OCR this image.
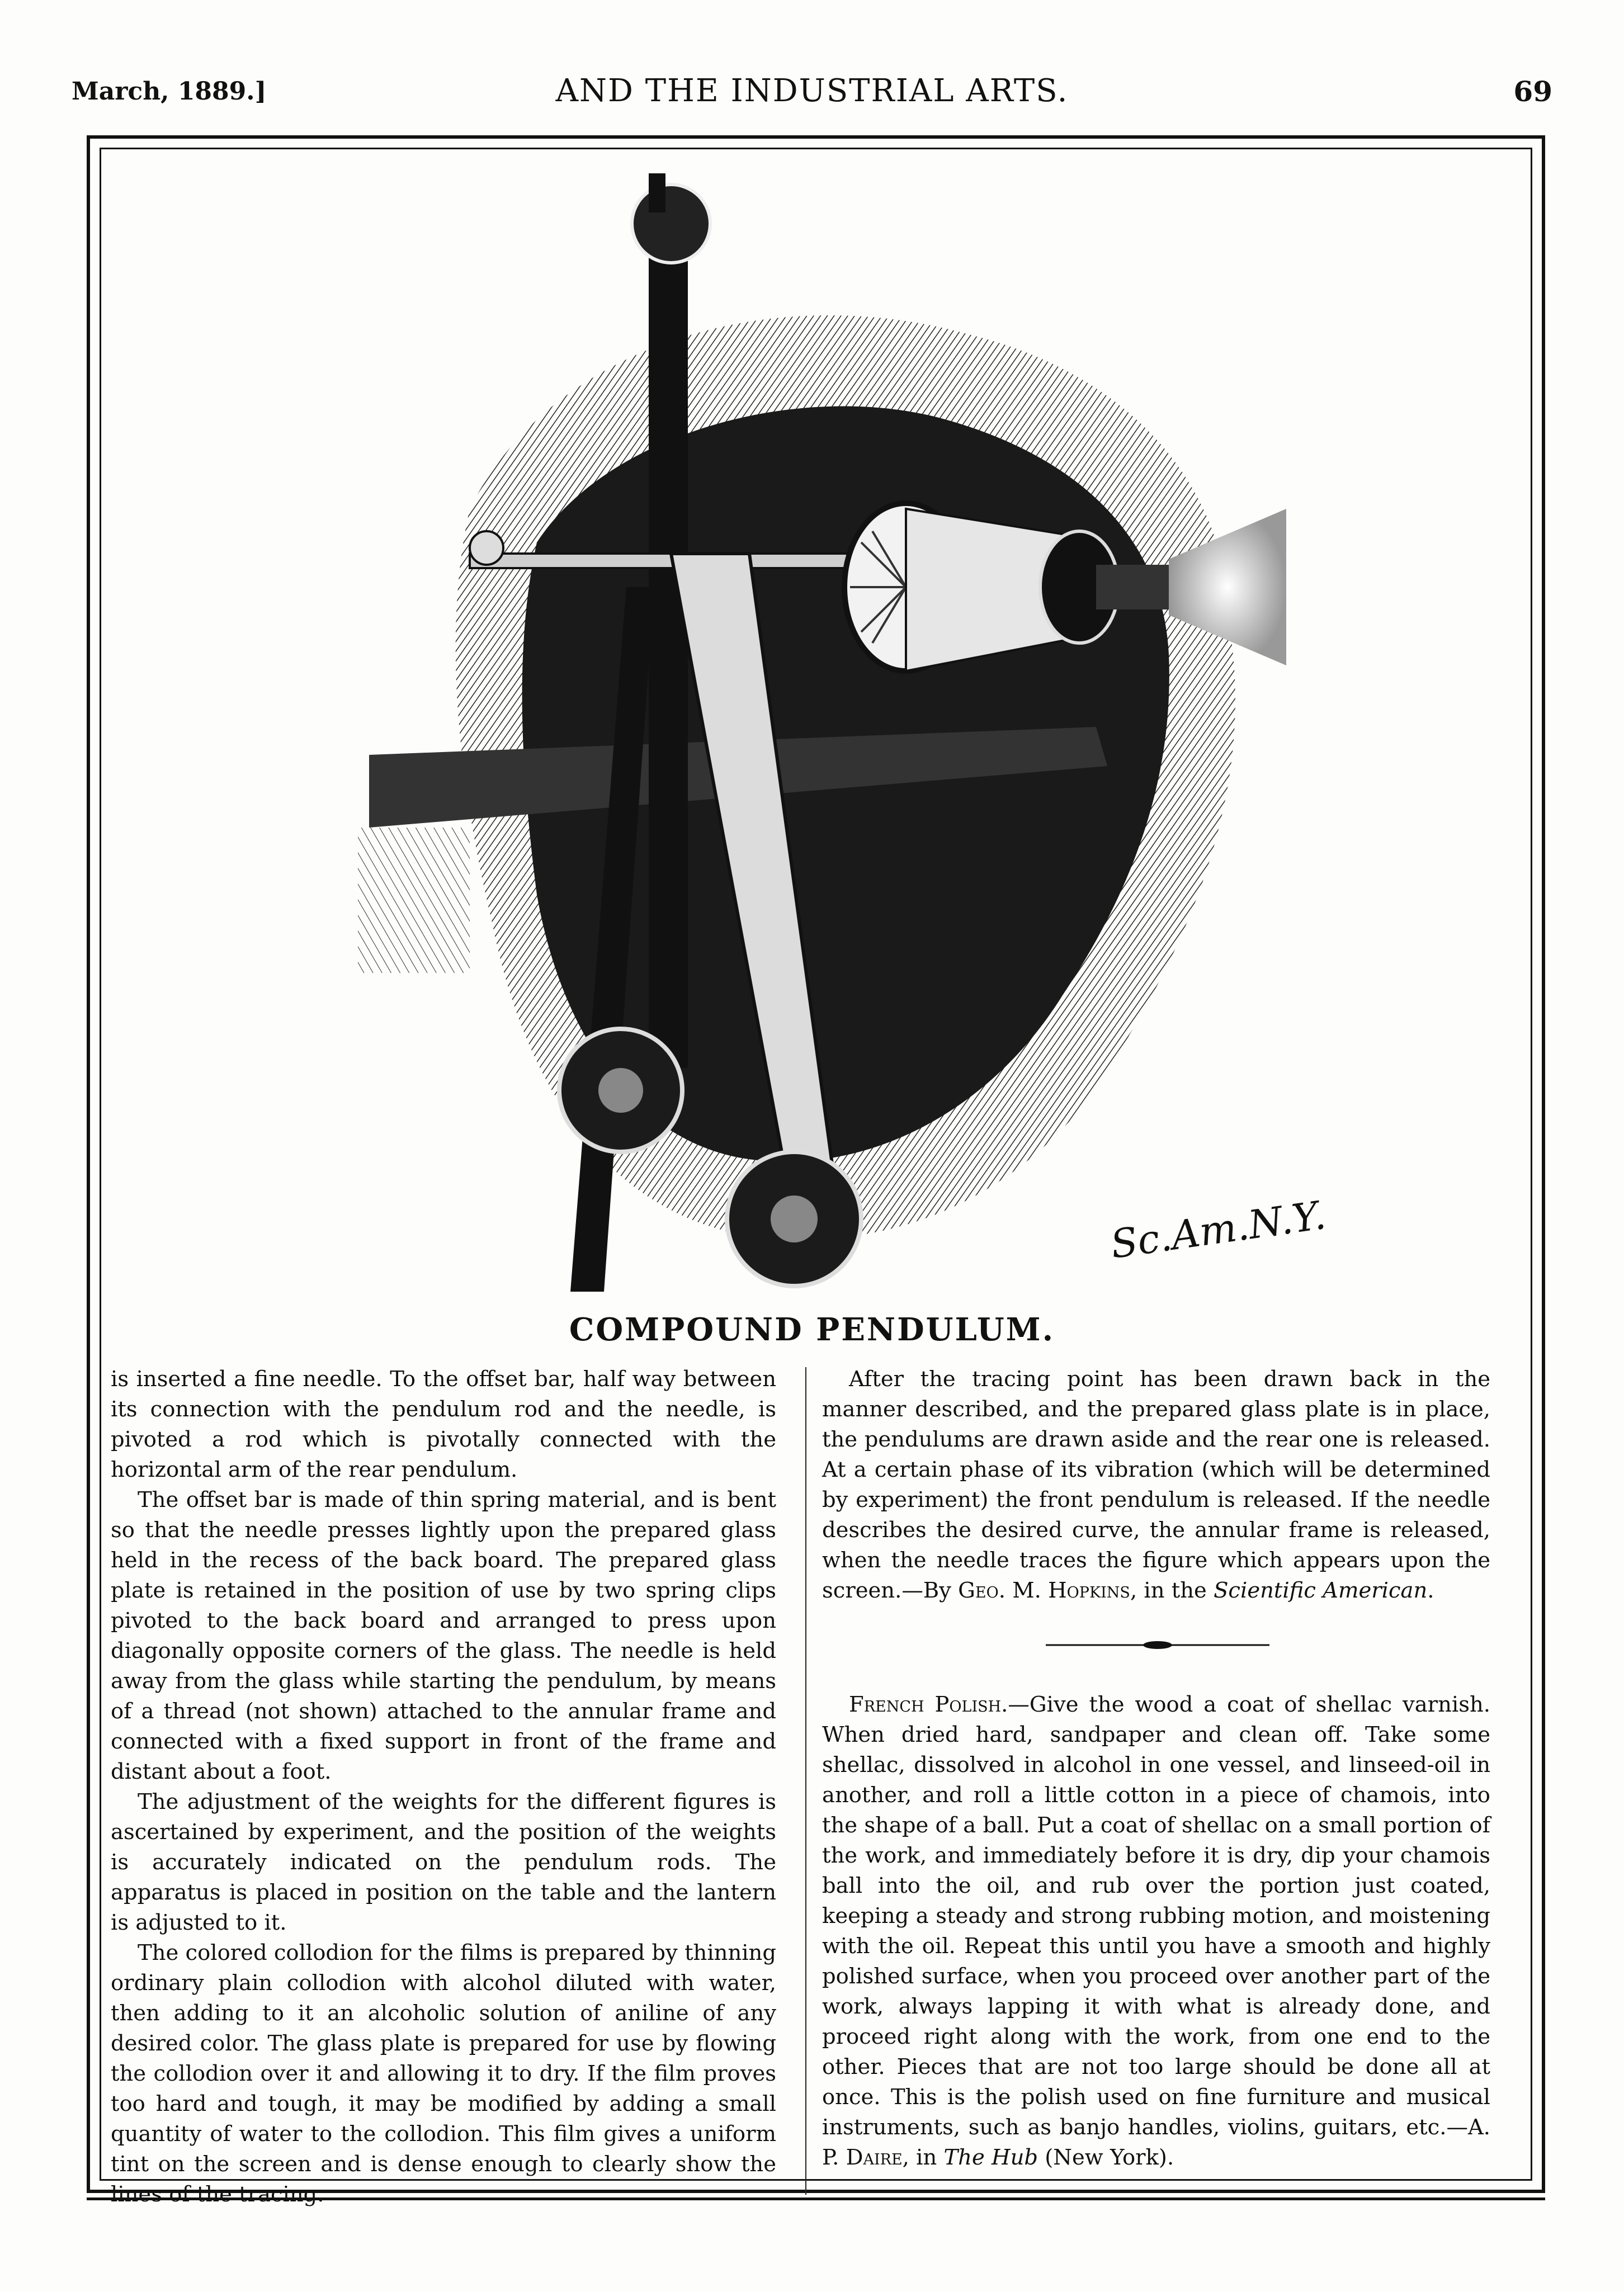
March, 1889.]	AND THE INDUSTRIAL ARTS.	69
Sc.Am.N.Y.
COMPOUND PENDULUM.

is inserted a fine needle. To the offset bar, half way between its connection with the pendulum rod and the needle, is pivoted a rod which is pivotally connected with the horizontal arm of the rear pendulum.

The offset bar is made of thin spring material, and is bent so that the needle presses lightly upon the prepared glass held in the recess of the back board. The prepared glass plate is retained in the position of use by two spring clips pivoted to the back board and arranged to press upon diagonally opposite corners of the glass. The needle is held away from the glass while starting the pendulum, by means of a thread (not shown) attached to the annular frame and connected with a fixed support in front of the frame and distant about a foot.

The adjustment of the weights for the different figures is ascertained by experiment, and the position of the weights is accurately indicated on the pendulum rods. The apparatus is placed in position on the table and the lantern is adjusted to it.

The colored collodion for the films is prepared by thinning ordinary plain collodion with alcohol diluted with water, then adding to it an alcoholic solution of aniline of any desired color. The glass plate is prepared for use by flowing the collodion over it and allowing it to dry. If the film proves too hard and tough, it may be modified by adding a small quantity of water to the collodion. This film gives a uniform tint on the screen and is dense enough to clearly show the lines of the tracing.

After the tracing point has been drawn back in the manner described, and the prepared glass plate is in place, the pendulums are drawn aside and the rear one is released. At a certain phase of its vibration (which will be determined by experiment) the front pendulum is released. If the needle describes the desired curve, the annular frame is released, when the needle traces the figure which appears upon the screen.—By Geo. M. Hopkins, in the Scientific American.

French Polish.—Give the wood a coat of shellac varnish. When dried hard, sandpaper and clean off. Take some shellac, dissolved in alcohol in one vessel, and linseed-oil in another, and roll a little cotton in a piece of chamois, into the shape of a ball. Put a coat of shellac on a small portion of the work, and immediately before it is dry, dip your chamois ball into the oil, and rub over the portion just coated, keeping a steady and strong rubbing motion, and moistening with the oil. Repeat this until you have a smooth and highly polished surface, when you proceed over another part of the work, always lapping it with what is already done, and proceed right along with the work, from one end to the other. Pieces that are not too large should be done all at once. This is the polish used on fine furniture and musical instruments, such as banjo handles, violins, guitars, etc.—A. P. Daire, in The Hub (New York).
